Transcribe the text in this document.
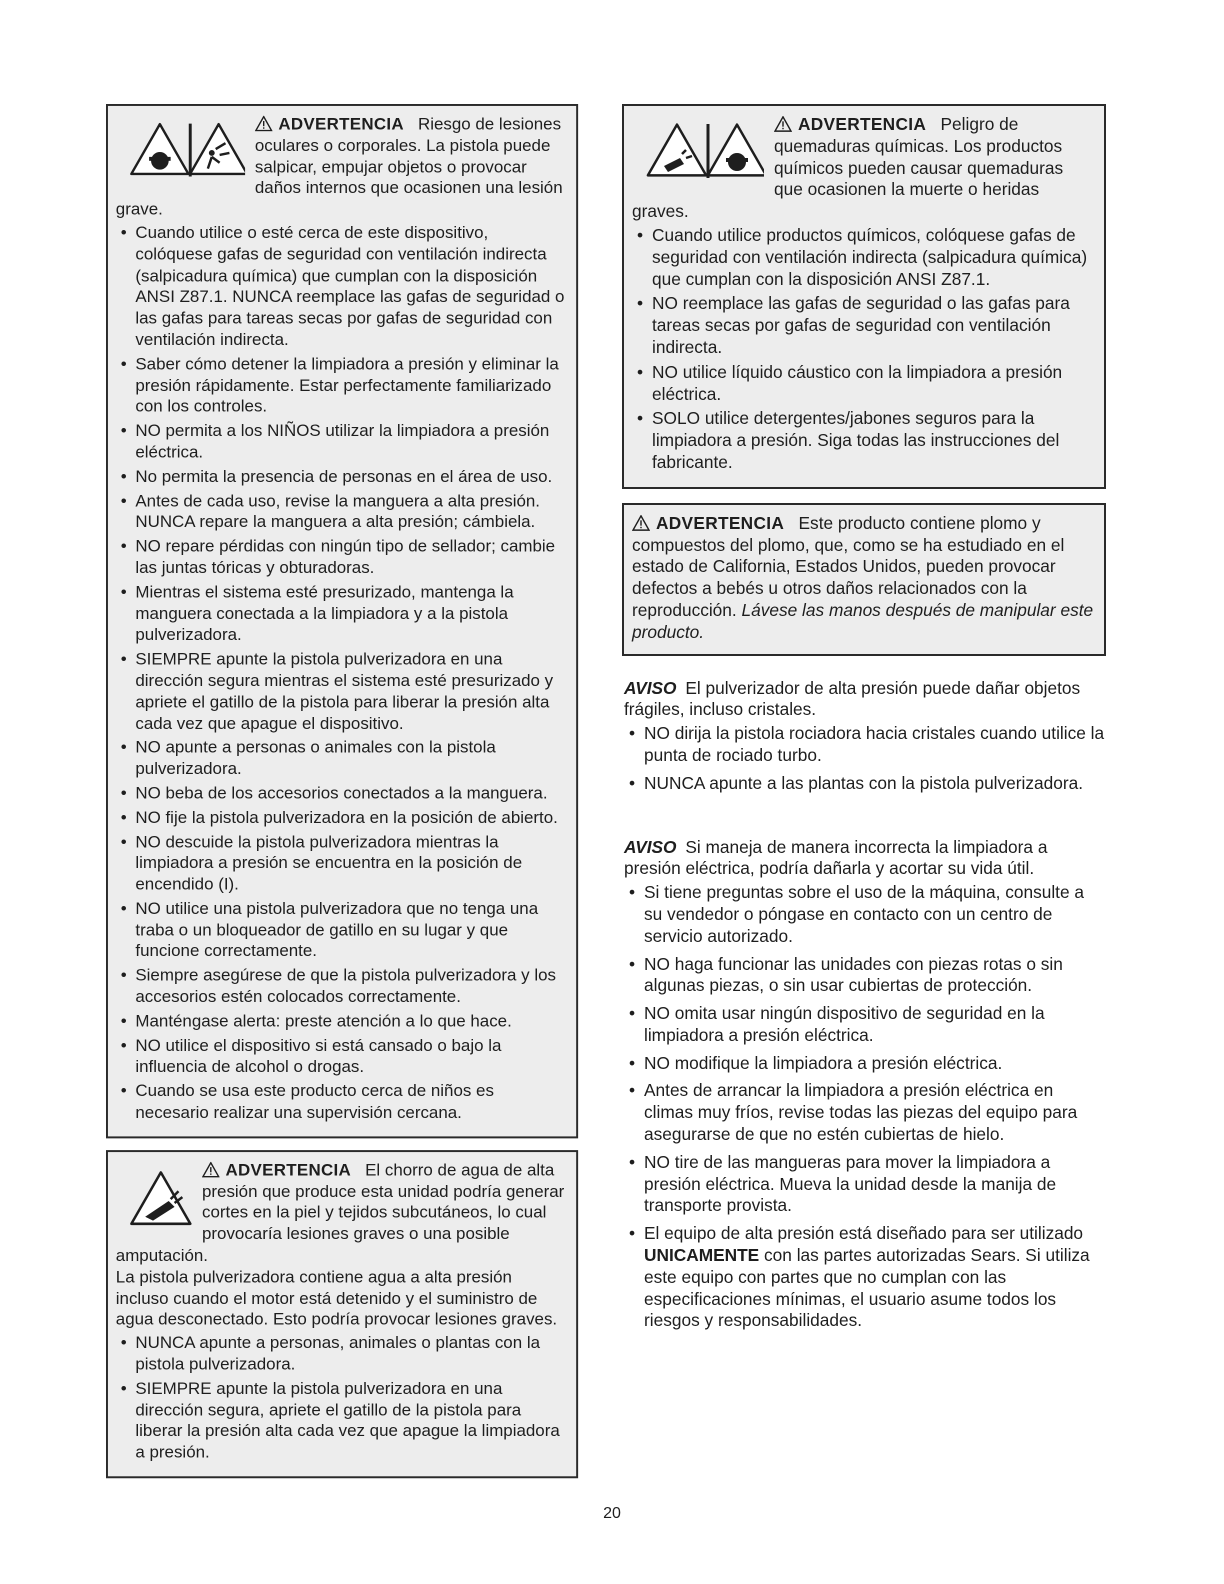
ADVERTENCIA Riesgo de lesiones oculares o corporales. La pistola puede salpicar, empujar objetos o provocar daños internos que ocasionen una lesión grave.
• Cuando utilice o esté cerca de este dispositivo, colóquese gafas de seguridad con ventilación indirecta (salpicadura química) que cumplan con la disposición ANSI Z87.1. NUNCA reemplace las gafas de seguridad o las gafas para tareas secas por gafas de seguridad con ventilación indirecta.
• Saber cómo detener la limpiadora a presión y eliminar la presión rápidamente. Estar perfectamente familiarizado con los controles.
• NO permita a los NIÑOS utilizar la limpiadora a presión eléctrica.
• No permita la presencia de personas en el área de uso.
• Antes de cada uso, revise la manguera a alta presión. NUNCA repare la manguera a alta presión; cámbiela.
• NO repare pérdidas con ningún tipo de sellador; cambie las juntas tóricas y obturadoras.
• Mientras el sistema esté presurizado, mantenga la manguera conectada a la limpiadora y a la pistola pulverizadora.
• SIEMPRE apunte la pistola pulverizadora en una dirección segura mientras el sistema esté presurizado y apriete el gatillo de la pistola para liberar la presión alta cada vez que apague el dispositivo.
• NO apunte a personas o animales con la pistola pulverizadora.
• NO beba de los accesorios conectados a la manguera.
• NO fije la pistola pulverizadora en la posición de abierto.
• NO descuide la pistola pulverizadora mientras la limpiadora a presión se encuentra en la posición de encendido (I).
• NO utilice una pistola pulverizadora que no tenga una traba o un bloqueador de gatillo en su lugar y que funcione correctamente.
• Siempre asegúrese de que la pistola pulverizadora y los accesorios estén colocados correctamente.
• Manténgase alerta: preste atención a lo que hace.
• NO utilice el dispositivo si está cansado o bajo la influencia de alcohol o drogas.
• Cuando se usa este producto cerca de niños es necesario realizar una supervisión cercana.
ADVERTENCIA El chorro de agua de alta presión que produce esta unidad podría generar cortes en la piel y tejidos subcutáneos, lo cual provocaría lesiones graves o una posible amputación.
La pistola pulverizadora contiene agua a alta presión incluso cuando el motor está detenido y el suministro de agua desconectado. Esto podría provocar lesiones graves.
• NUNCA apunte a personas, animales o plantas con la pistola pulverizadora.
• SIEMPRE apunte la pistola pulverizadora en una dirección segura, apriete el gatillo de la pistola para liberar la presión alta cada vez que apague la limpiadora a presión.
ADVERTENCIA Peligro de quemaduras químicas. Los productos químicos pueden causar quemaduras que ocasionen la muerte o heridas graves.
• Cuando utilice productos químicos, colóquese gafas de seguridad con ventilación indirecta (salpicadura química) que cumplan con la disposición ANSI Z87.1.
• NO reemplace las gafas de seguridad o las gafas para tareas secas por gafas de seguridad con ventilación indirecta.
• NO utilice líquido cáustico con la limpiadora a presión eléctrica.
• SOLO utilice detergentes/jabones seguros para la limpiadora a presión. Siga todas las instrucciones del fabricante.
ADVERTENCIA Este producto contiene plomo y compuestos del plomo, que, como se ha estudiado en el estado de California, Estados Unidos, pueden provocar defectos a bebés u otros daños relacionados con la reproducción. Lávese las manos después de manipular este producto.
AVISO El pulverizador de alta presión puede dañar objetos frágiles, incluso cristales.
• NO dirija la pistola rociadora hacia cristales cuando utilice la punta de rociado turbo.
• NUNCA apunte a las plantas con la pistola pulverizadora.
AVISO Si maneja de manera incorrecta la limpiadora a presión eléctrica, podría dañarla y acortar su vida útil.
• Si tiene preguntas sobre el uso de la máquina, consulte a su vendedor o póngase en contacto con un centro de servicio autorizado.
• NO haga funcionar las unidades con piezas rotas o sin algunas piezas, o sin usar cubiertas de protección.
• NO omita usar ningún dispositivo de seguridad en la limpiadora a presión eléctrica.
• NO modifique la limpiadora a presión eléctrica.
• Antes de arrancar la limpiadora a presión eléctrica en climas muy fríos, revise todas las piezas del equipo para asegurarse de que no estén cubiertas de hielo.
• NO tire de las mangueras para mover la limpiadora a presión eléctrica. Mueva la unidad desde la manija de transporte provista.
• El equipo de alta presión está diseñado para ser utilizado UNICAMENTE con las partes autorizadas Sears. Si utiliza este equipo con partes que no cumplan con las especificaciones mínimas, el usuario asume todos los riesgos y responsabilidades.
20
